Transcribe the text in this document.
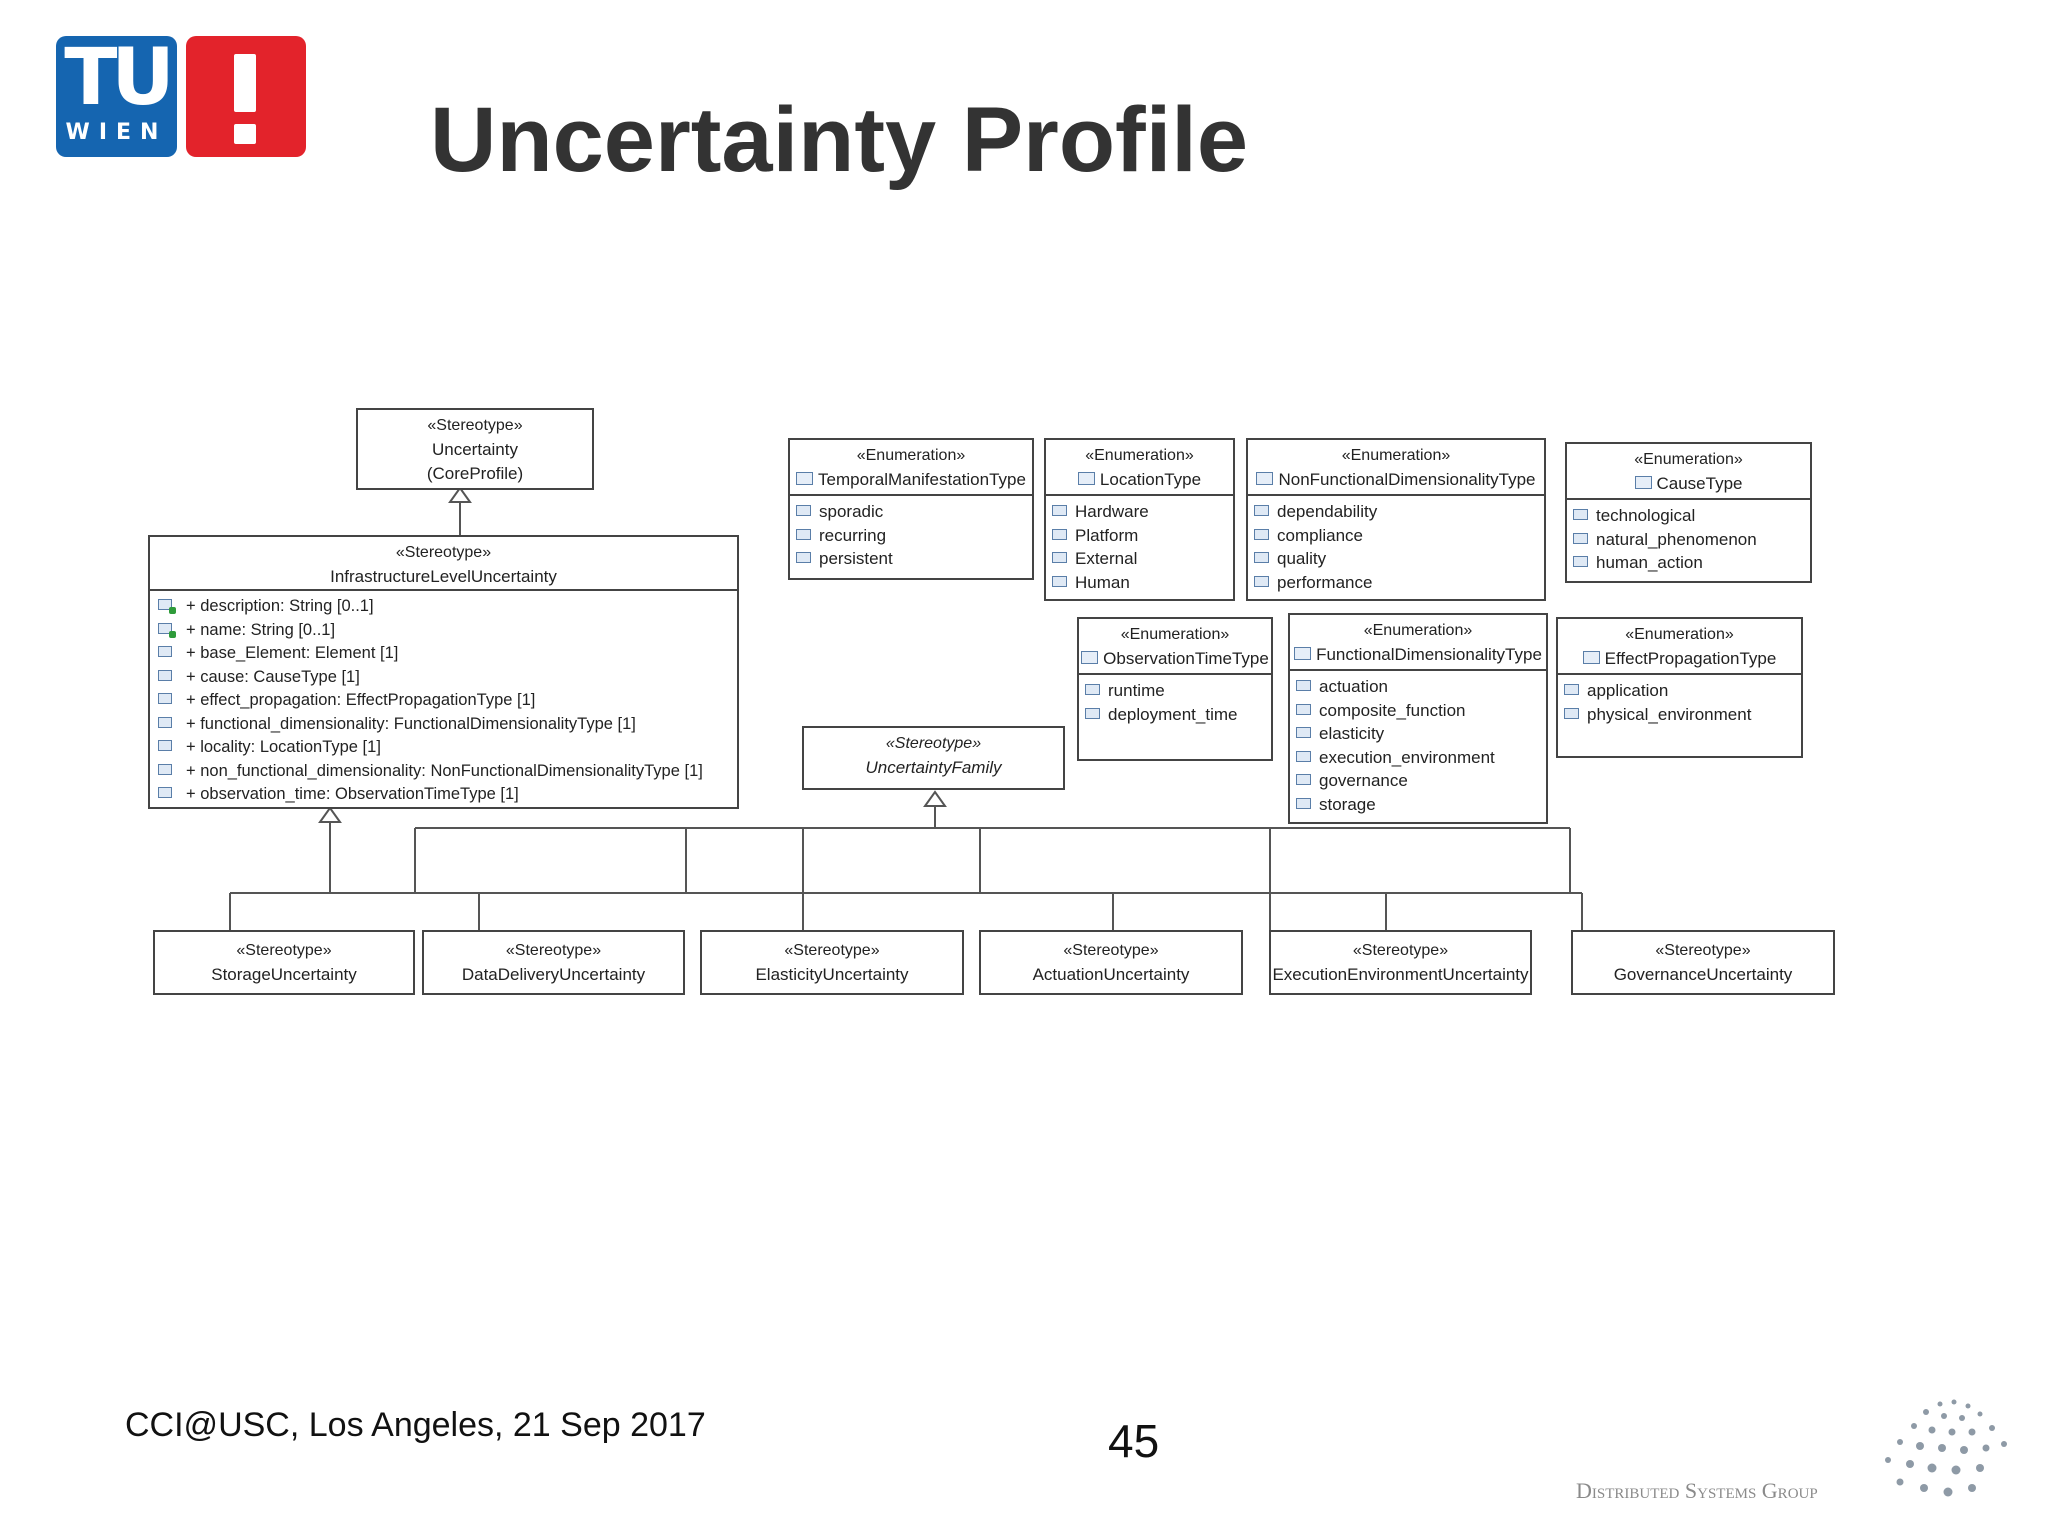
TU
WIEN	Uncertainty Profile
«Stereotype»
Uncertainty
(CoreProfile)
«Stereotype»
InfrastructureLevelUncertainty
+ description: String [0..1]
+ name: String [0..1]
+ base_Element: Element [1]
+ cause: CauseType [1]
+ effect_propagation: EffectPropagationType [1]
+ functional_dimensionality: FunctionalDimensionalityType [1]
+ locality: LocationType [1]
+ non_functional_dimensionality: NonFunctionalDimensionalityType [1]
+ observation_time: ObservationTimeType [1]
«Stereotype»
UncertaintyFamily
«Enumeration»
TemporalManifestationType
sporadic
recurring
persistent
«Enumeration»
LocationType
Hardware
Platform
External
Human
«Enumeration»
NonFunctionalDimensionalityType
dependability
compliance
quality
performance
«Enumeration»
CauseType
technological
natural_phenomenon
human_action
«Enumeration»
ObservationTimeType
runtime
deployment_time
«Enumeration»
FunctionalDimensionalityType
actuation
composite_function
elasticity
execution_environment
governance
storage
«Enumeration»
EffectPropagationType
application
physical_environment
«Stereotype»
StorageUncertainty
«Stereotype»
DataDeliveryUncertainty
«Stereotype»
ElasticityUncertainty
«Stereotype»
ActuationUncertainty
«Stereotype»
ExecutionEnvironmentUncertainty
«Stereotype»
GovernanceUncertainty
CCI@USC, Los Angeles, 21 Sep 2017	45
Distributed Systems Group
